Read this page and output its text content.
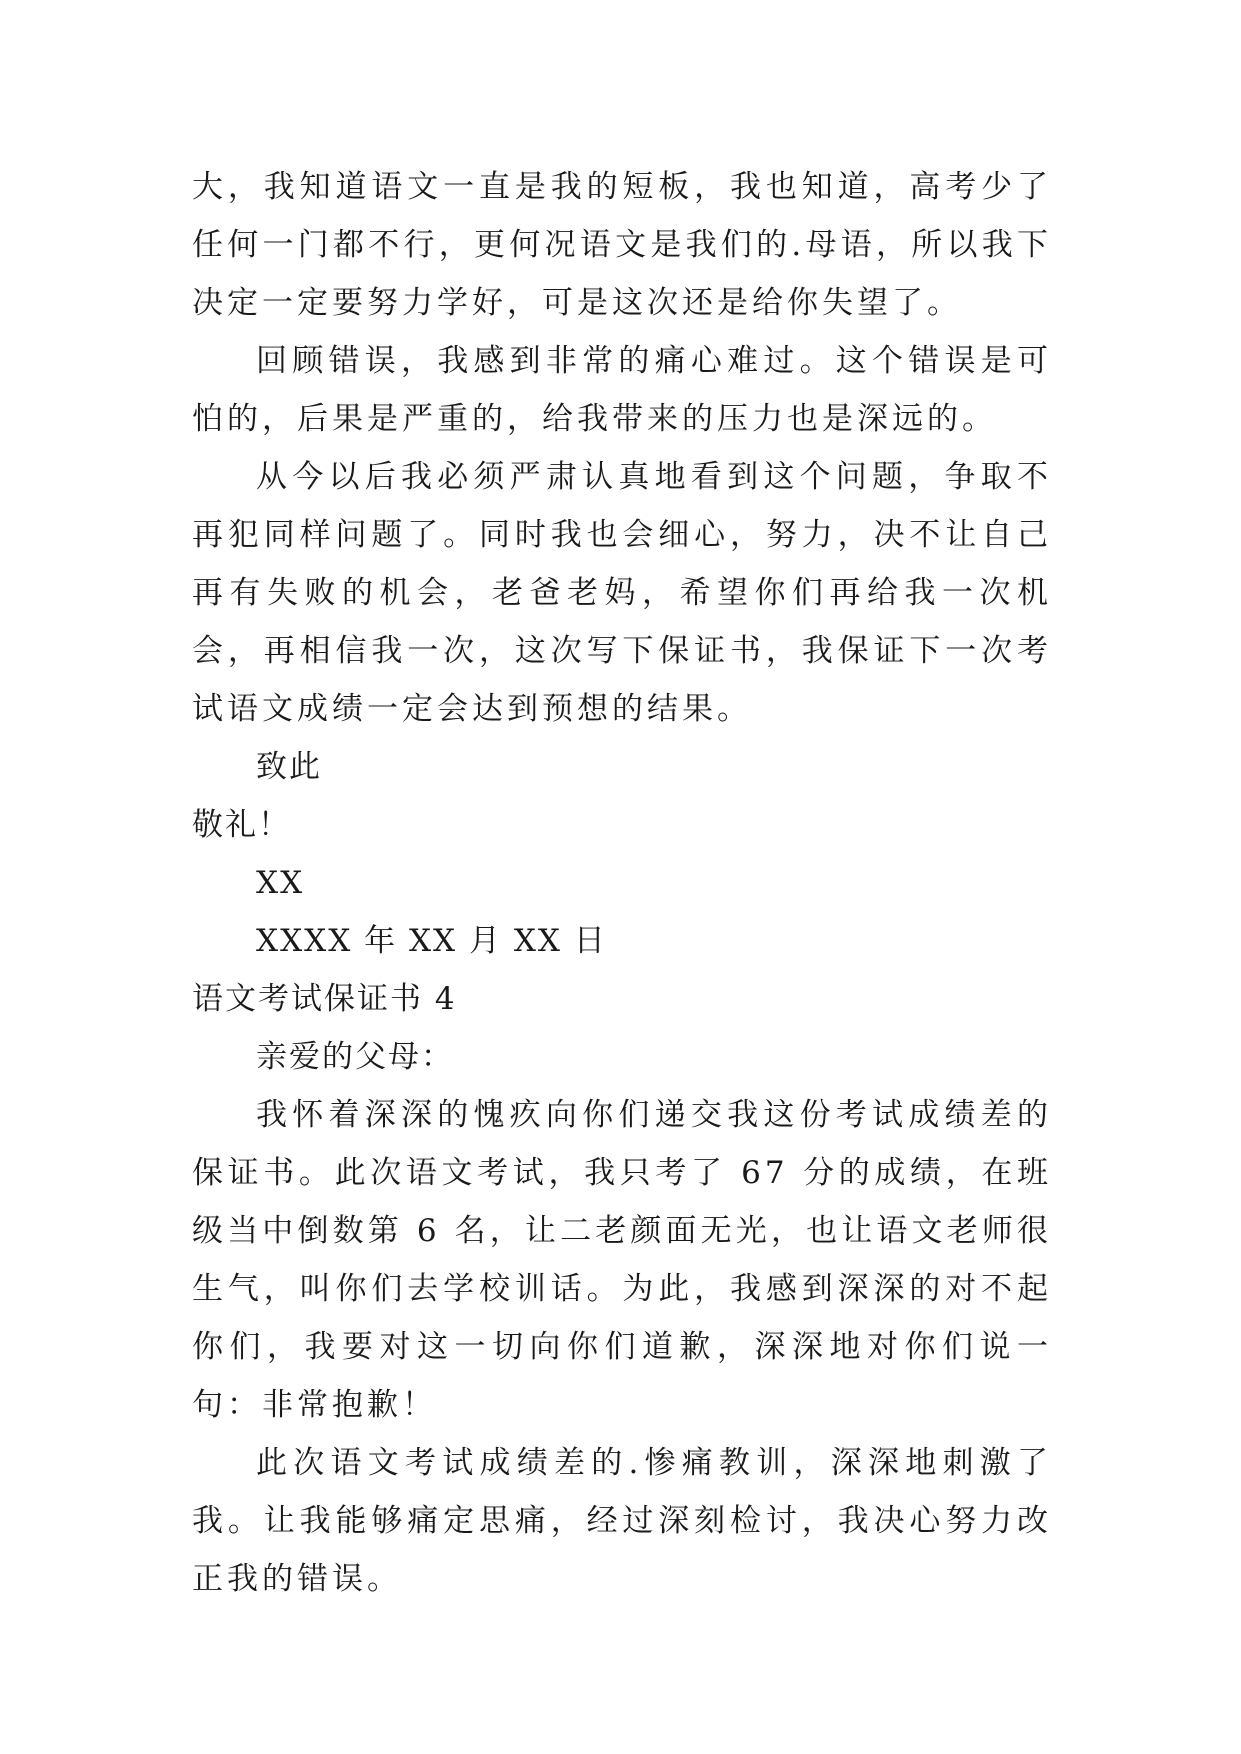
大，我知道语文一直是我的短板，我也知道，高考少了任何一门都不行，更何况语文是我们的.母语，所以我下决定一定要努力学好，可是这次还是给你失望了。

回顾错误，我感到非常的痛心难过。这个错误是可怕的，后果是严重的，给我带来的压力也是深远的。

从今以后我必须严肃认真地看到这个问题，争取不再犯同样问题了。同时我也会细心，努力，决不让自己再有失败的机会，老爸老妈，希望你们再给我一次机会，再相信我一次，这次写下保证书，我保证下一次考试语文成绩一定会达到预想的结果。

致此
敬礼！
XX
XXXX 年 XX 月 XX 日
语文考试保证书 4
亲爱的父母：

我怀着深深的愧疚向你们递交我这份考试成绩差的保证书。此次语文考试，我只考了 67 分的成绩，在班级当中倒数第 6 名，让二老颜面无光，也让语文老师很生气，叫你们去学校训话。为此，我感到深深的对不起你们，我要对这一切向你们道歉，深深地对你们说一句：非常抱歉！

此次语文考试成绩差的.惨痛教训，深深地刺激了我。让我能够痛定思痛，经过深刻检讨，我决心努力改正我的错误。
